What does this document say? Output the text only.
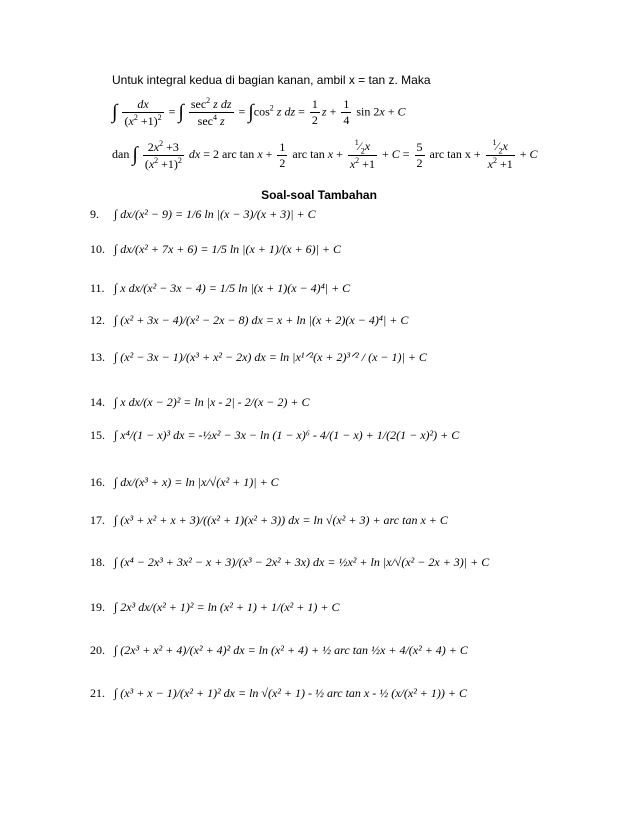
Untuk integral kedua di bagian kanan, ambil x = tan z. Maka
∫ $\frac{dx}{(x^2 +1)^2}$ = ∫ $\frac{\sec^2 z dz}{\sec^4 z} = \int\cos^2$ z dz = $\frac{1}{2}$ $z + \frac{1}{4}$ sin 2x + C
dan ∫ $\frac{2x^2 +3}{(x^2 +1)^2}$ dx = 2 arc $\tan x + \frac{1}{2}$ arc $\tan x + \frac{^1⁄_2x}{x^2 +1} + C = \frac{5}{2}$ arc $\tan x + \frac{^1⁄_2x}{x^2 +1} + C$
Soal-soal Tambahan
9. ∫ dx/(x² − 9) = 1/6 ln |(x − 3)/(x + 3)| + C
10. ∫ dx/(x² + 7x + 6) = 1/5 ln |(x + 1)/(x + 6)| + C
11. ∫ x dx/(x² − 3x − 4) = 1/5 ln |(x + 1)(x − 4)⁴| + C
12. ∫ (x² + 3x − 4)/(x² − 2x − 8) dx = x + ln |(x + 2)(x − 4)⁴| + C
13. ∫ (x² − 3x − 1)/(x³ + x² − 2x) dx = ln |x¹ᐟ²(x + 2)³ᐟ² / (x − 1)| + C
14. ∫ x dx/(x − 2)² = ln |x - 2| - 2/(x − 2) + C
15. ∫ x⁴/(1 − x)³ dx = -½x² − 3x − ln (1 − x)⁶ - 4/(1 − x) + 1/(2(1 − x)²) + C
16. ∫ dx/(x³ + x) = ln |x/√(x² + 1)| + C
17. ∫ (x³ + x² + x + 3)/((x² + 1)(x² + 3)) dx = ln √(x² + 3) + arc tan x + C
18. ∫ (x⁴ − 2x³ + 3x² − x + 3)/(x³ − 2x² + 3x) dx = ½x² + ln |x/√(x² − 2x + 3)| + C
19. ∫ 2x³ dx/(x² + 1)² = ln (x² + 1) + 1/(x² + 1) + C
20. ∫ (2x³ + x² + 4)/(x² + 4)² dx = ln (x² + 4) + ½ arc tan ½x + 4/(x² + 4) + C
21. ∫ (x³ + x − 1)/(x² + 1)² dx = ln √(x² + 1) - ½ arc tan x - ½ (x/(x² + 1)) + C
